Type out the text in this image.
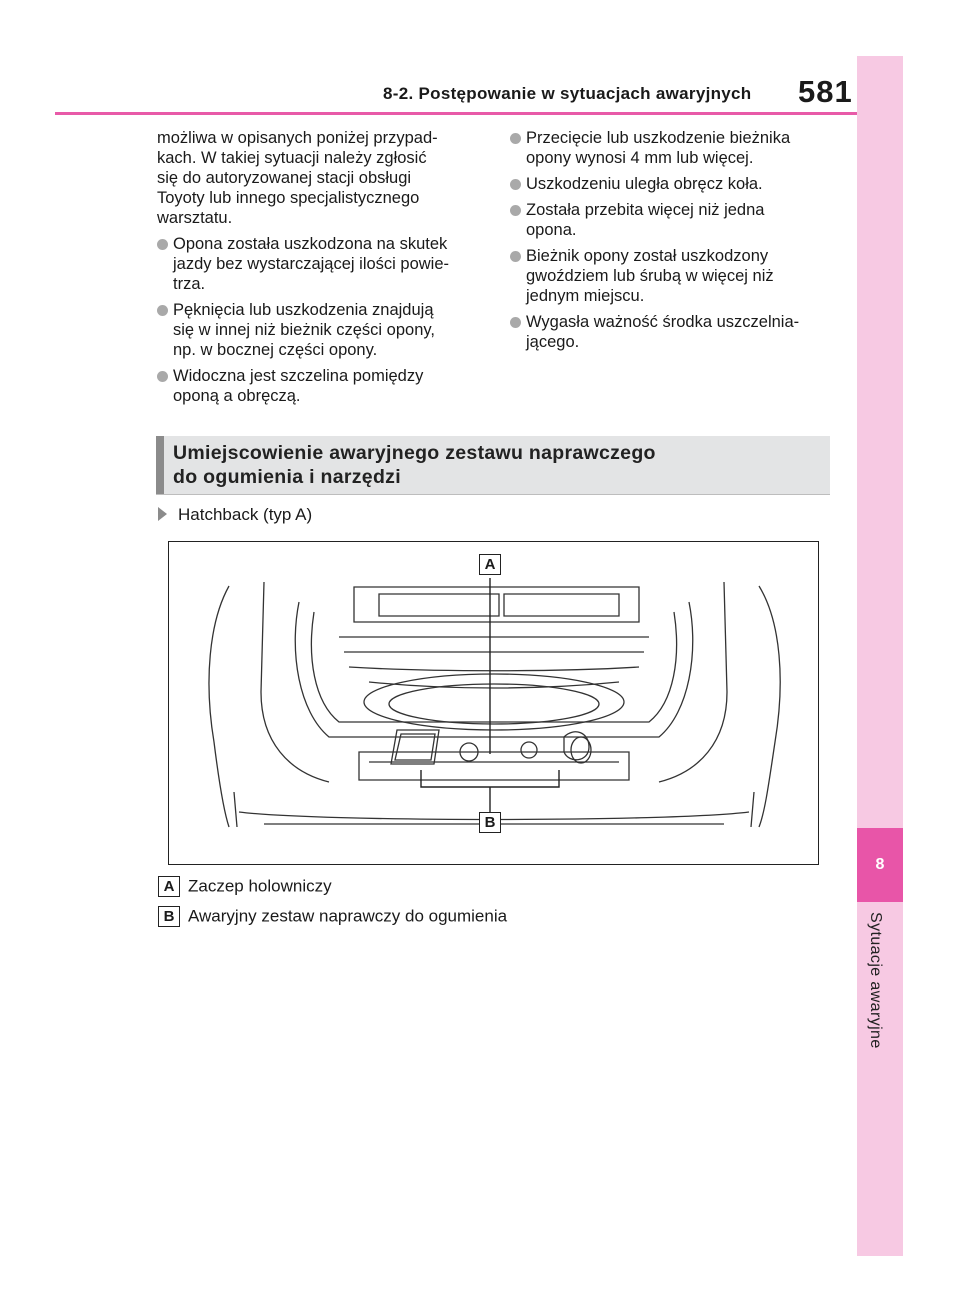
8-2. Postępowanie w sytuacjach awaryjnych 581
8
Sytuacje awaryjne

możliwa w opisanych poniżej przypad-
kach. W takiej sytuacji należy zgłosić
się do autoryzowanej stacji obsługi
Toyoty lub innego specjalistycznego
warsztatu.

Opona została uszkodzona na skutek
jazdy bez wystarczającej ilości powie-
trza.
Pęknięcia lub uszkodzenia znajdują
się w innej niż bieżnik części opony,
np. w bocznej części opony.
Widoczna jest szczelina pomiędzy
oponą a obręczą.
Przecięcie lub uszkodzenie bieżnika
opony wynosi 4 mm lub więcej.
Uszkodzeniu uległa obręcz koła.
Została przebita więcej niż jedna
opona.
Bieżnik opony został uszkodzony
gwoździem lub śrubą w więcej niż
jednym miejscu.
Wygasła ważność środka uszczelnia-
jącego.
Umiejscowienie awaryjnego zestawu naprawczego
do ogumienia i narzędzi
Hatchback (typ A)
A
B
A Zaczep holowniczy
B Awaryjny zestaw naprawczy do ogumienia
